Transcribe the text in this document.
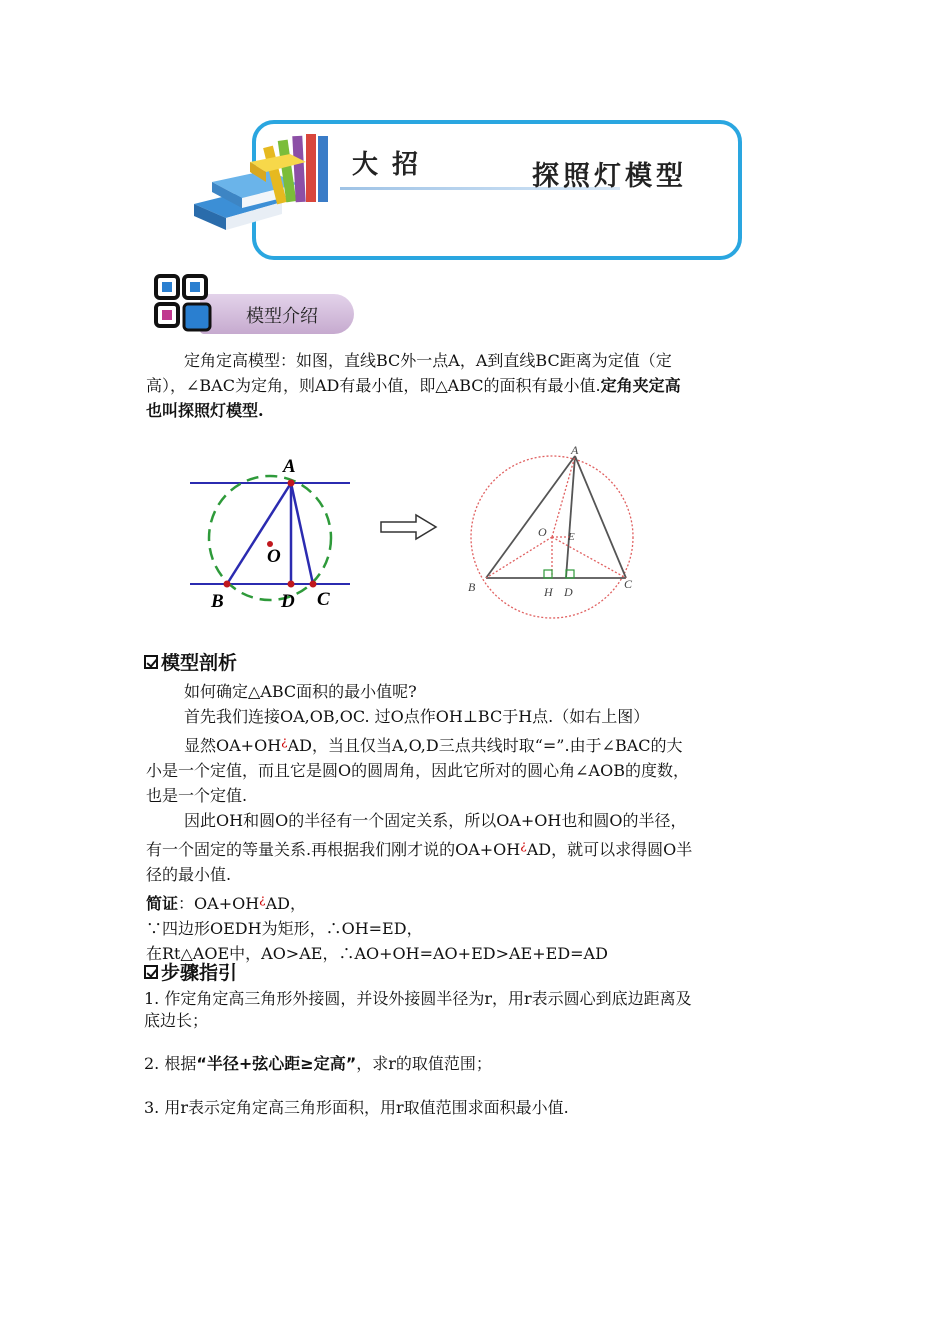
大招	探照灯模型
模型介绍
定角定高模型：如图，直线BC外一点A，A到直线BC距离为定值（定
高），∠BAC为定角，则AD有最小值，即△ABC的面积有最小值.定角夹定高
也叫探照灯模型.
A
O
B	D C
A
O E
B	H D
C
模型剖析
如何确定△ABC面积的最小值呢?
首先我们连接OA,OB,OC. 过O点作OH⊥BC于H点.（如右上图）
显然OA+OH¿AD，当且仅当A,O,D三点共线时取“=”.由于∠BAC的大
小是一个定值，而且它是圆O的圆周角，因此它所对的圆心角∠AOB的度数，
也是一个定值.
因此OH和圆O的半径有一个固定关系，所以OA+OH也和圆O的半径，
有一个固定的等量关系.再根据我们刚才说的OA+OH¿AD，就可以求得圆O半
径的最小值.
简证：OA+OH¿AD，
∵四边形OEDH为矩形，∴OH=ED，
在Rt△AOE中，AO>AE，∴AO+OH=AO+ED>AE+ED=AD
步骤指引
1. 作定角定高三角形外接圆，并设外接圆半径为r，用r表示圆心到底边距离及
底边长；
2. 根据“半径+弦心距≥定高”，求r的取值范围；
3. 用r表示定角定高三角形面积，用r取值范围求面积最小值.
